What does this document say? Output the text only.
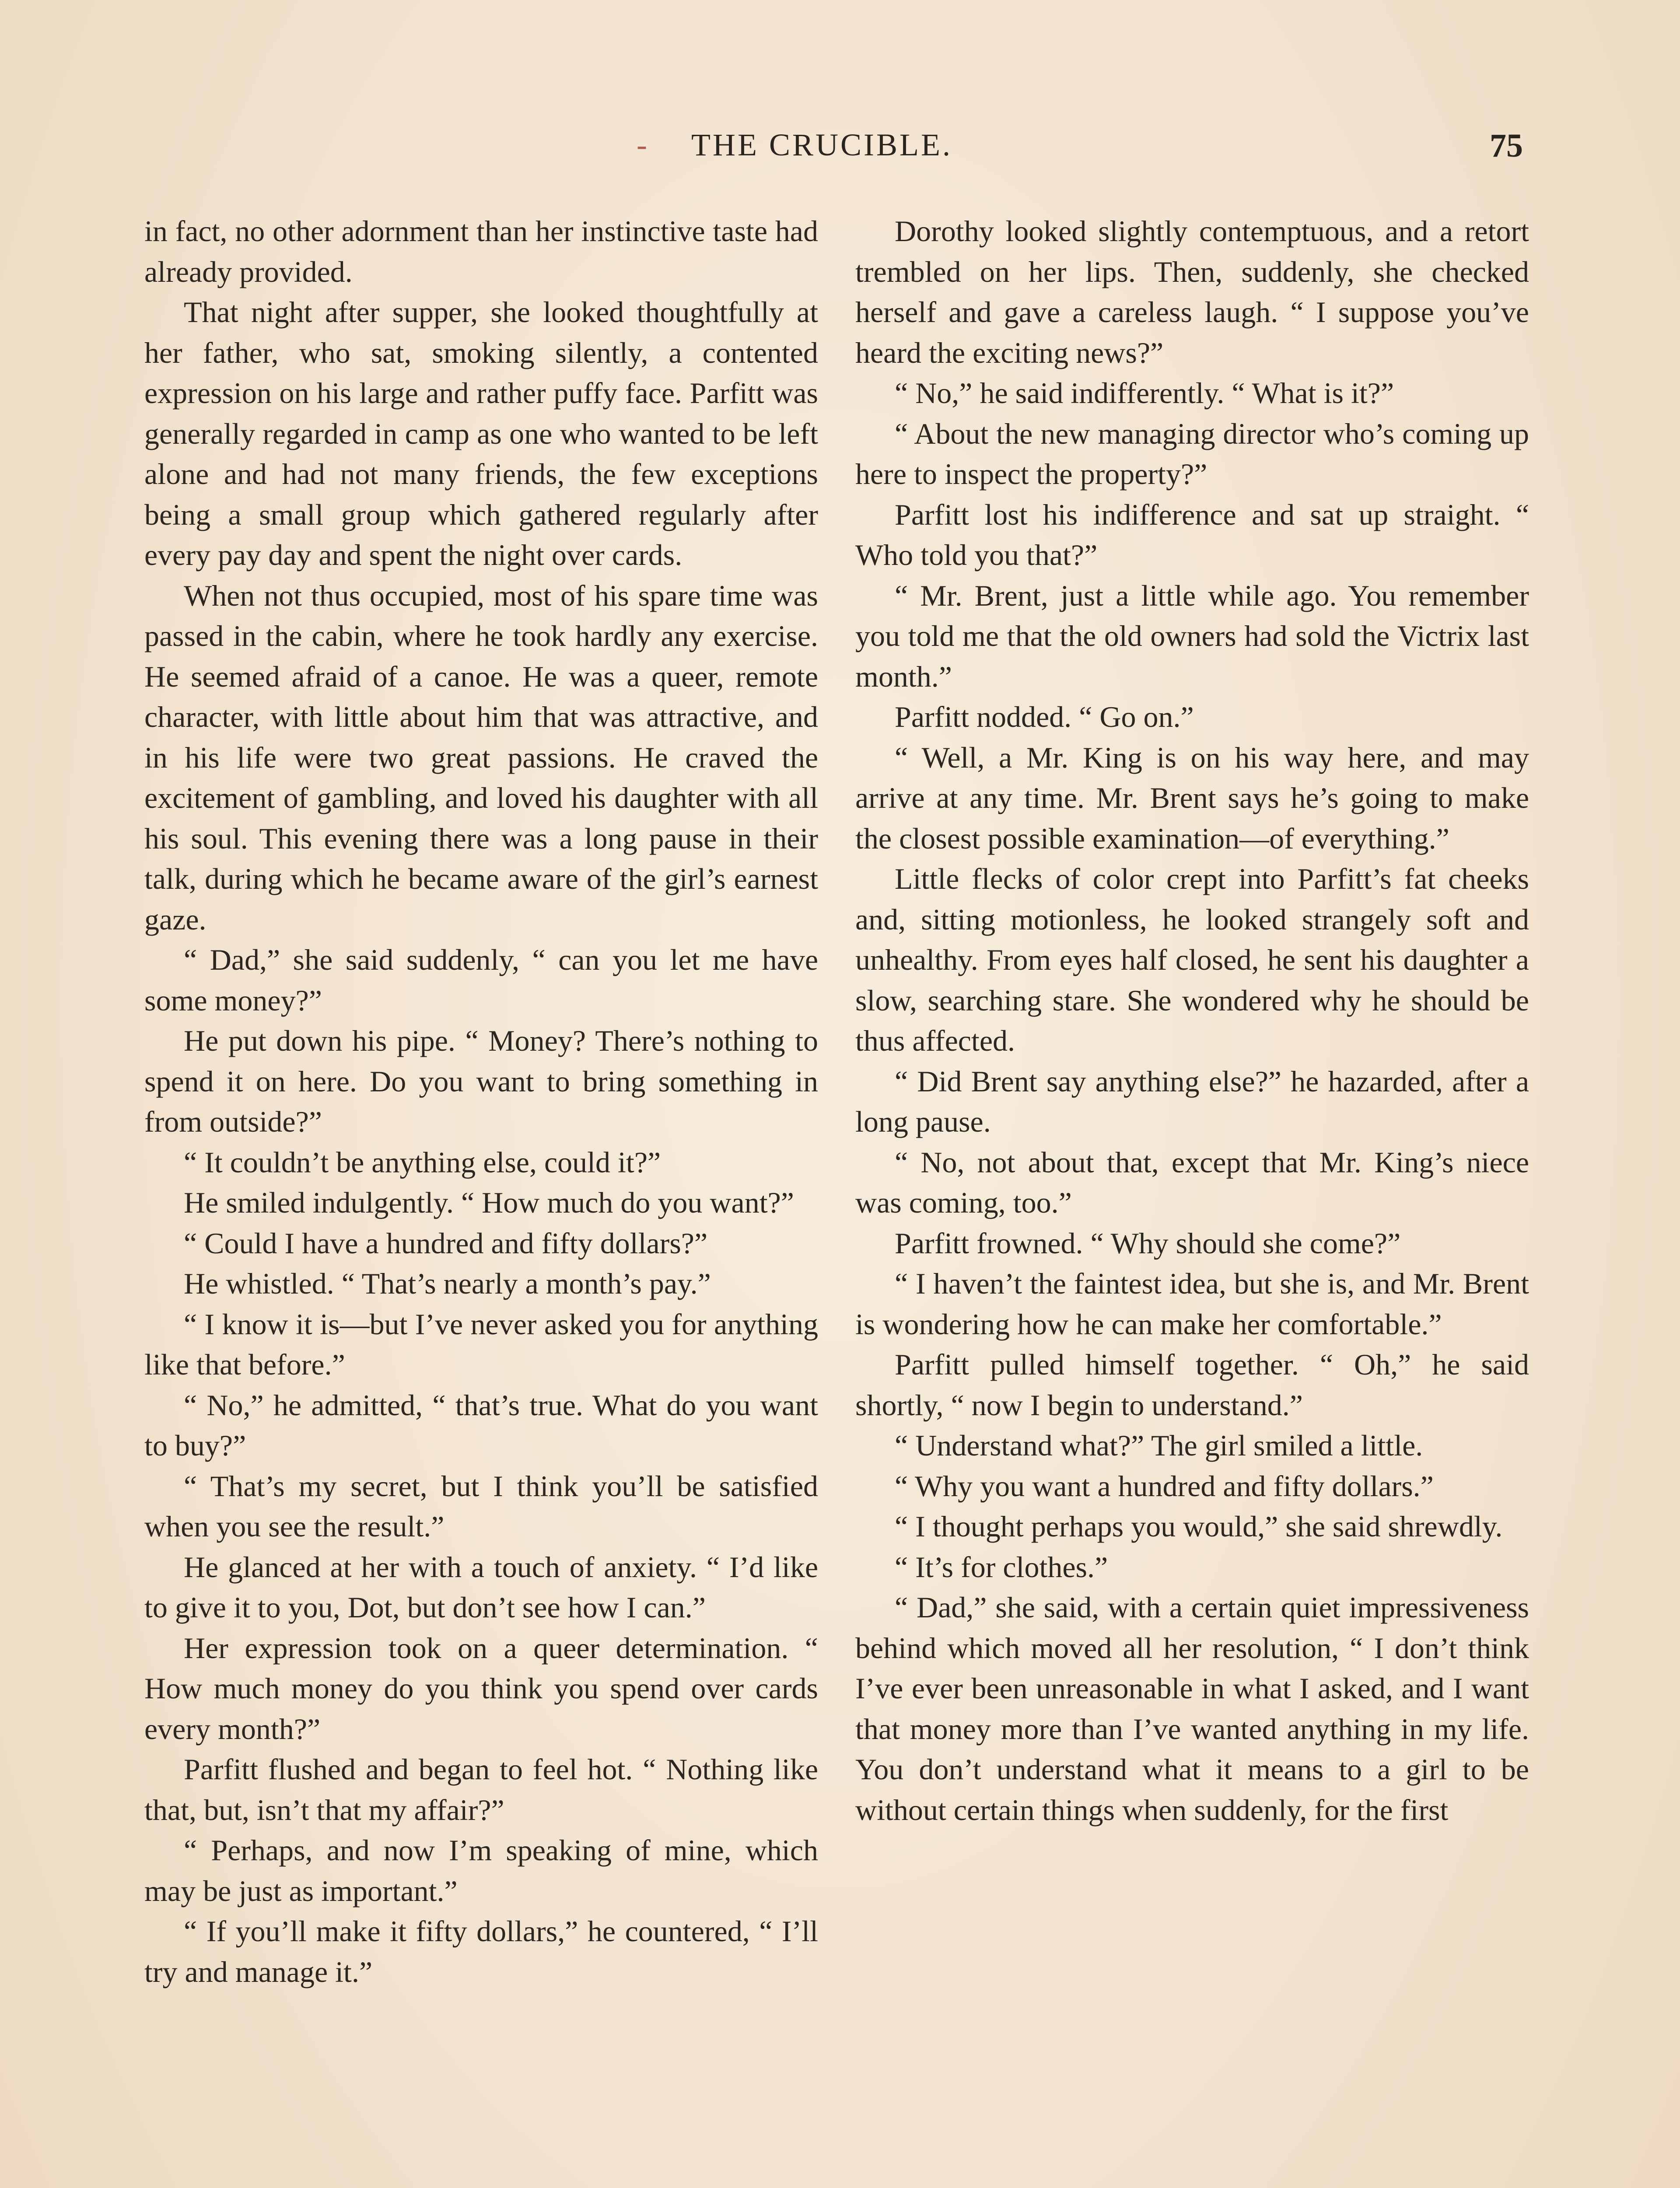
- THE CRUCIBLE.	75

in fact, no other adornment than her instinctive taste had already provided.

That night after supper, she looked thoughtfully at her father, who sat, smoking silently, a contented expression on his large and rather puffy face. Parfitt was generally regarded in camp as one who wanted to be left alone and had not many friends, the few exceptions being a small group which gathered regularly after every pay day and spent the night over cards.

When not thus occupied, most of his spare time was passed in the cabin, where he took hardly any exercise. He seemed afraid of a canoe. He was a queer, remote character, with little about him that was attractive, and in his life were two great passions. He craved the excitement of gambling, and loved his daughter with all his soul. This evening there was a long pause in their talk, during which he became aware of the girl’s earnest gaze.

“ Dad,” she said suddenly, “ can you let me have some money?”

He put down his pipe. “ Money? There’s nothing to spend it on here. Do you want to bring something in from outside?”

“ It couldn’t be anything else, could it?”

He smiled indulgently. “ How much do you want?”

“ Could I have a hundred and fifty dollars?”

He whistled. “ That’s nearly a month’s pay.”

“ I know it is—but I’ve never asked you for anything like that before.”

“ No,” he admitted, “ that’s true. What do you want to buy?”

“ That’s my secret, but I think you’ll be satisfied when you see the result.”

He glanced at her with a touch of anxiety. “ I’d like to give it to you, Dot, but don’t see how I can.”

Her expression took on a queer determination. “ How much money do you think you spend over cards every month?”

Parfitt flushed and began to feel hot. “ Nothing like that, but, isn’t that my affair?”

“ Perhaps, and now I’m speaking of mine, which may be just as important.”

“ If you’ll make it fifty dollars,” he countered, “ I’ll try and manage it.”

Dorothy looked slightly contemptuous, and a retort trembled on her lips. Then, suddenly, she checked herself and gave a careless laugh. “ I suppose you’ve heard the exciting news?”

“ No,” he said indifferently. “ What is it?”

“ About the new managing director who’s coming up here to inspect the property?”

Parfitt lost his indifference and sat up straight. “ Who told you that?”

“ Mr. Brent, just a little while ago. You remember you told me that the old owners had sold the Victrix last month.”

Parfitt nodded. “ Go on.”

“ Well, a Mr. King is on his way here, and may arrive at any time. Mr. Brent says he’s going to make the closest possible examination—of everything.”

Little flecks of color crept into Parfitt’s fat cheeks and, sitting motionless, he looked strangely soft and unhealthy. From eyes half closed, he sent his daughter a slow, searching stare. She wondered why he should be thus affected.

“ Did Brent say anything else?” he hazarded, after a long pause.

“ No, not about that, except that Mr. King’s niece was coming, too.”

Parfitt frowned. “ Why should she come?”

“ I haven’t the faintest idea, but she is, and Mr. Brent is wondering how he can make her comfortable.”

Parfitt pulled himself together. “ Oh,” he said shortly, “ now I begin to understand.”

“ Understand what?” The girl smiled a little.

“ Why you want a hundred and fifty dollars.”

“ I thought perhaps you would,” she said shrewdly.

“ It’s for clothes.”

“ Dad,” she said, with a certain quiet impressiveness behind which moved all her resolution, “ I don’t think I’ve ever been unreasonable in what I asked, and I want that money more than I’ve wanted anything in my life. You don’t understand what it means to a girl to be without certain things when suddenly, for the first
